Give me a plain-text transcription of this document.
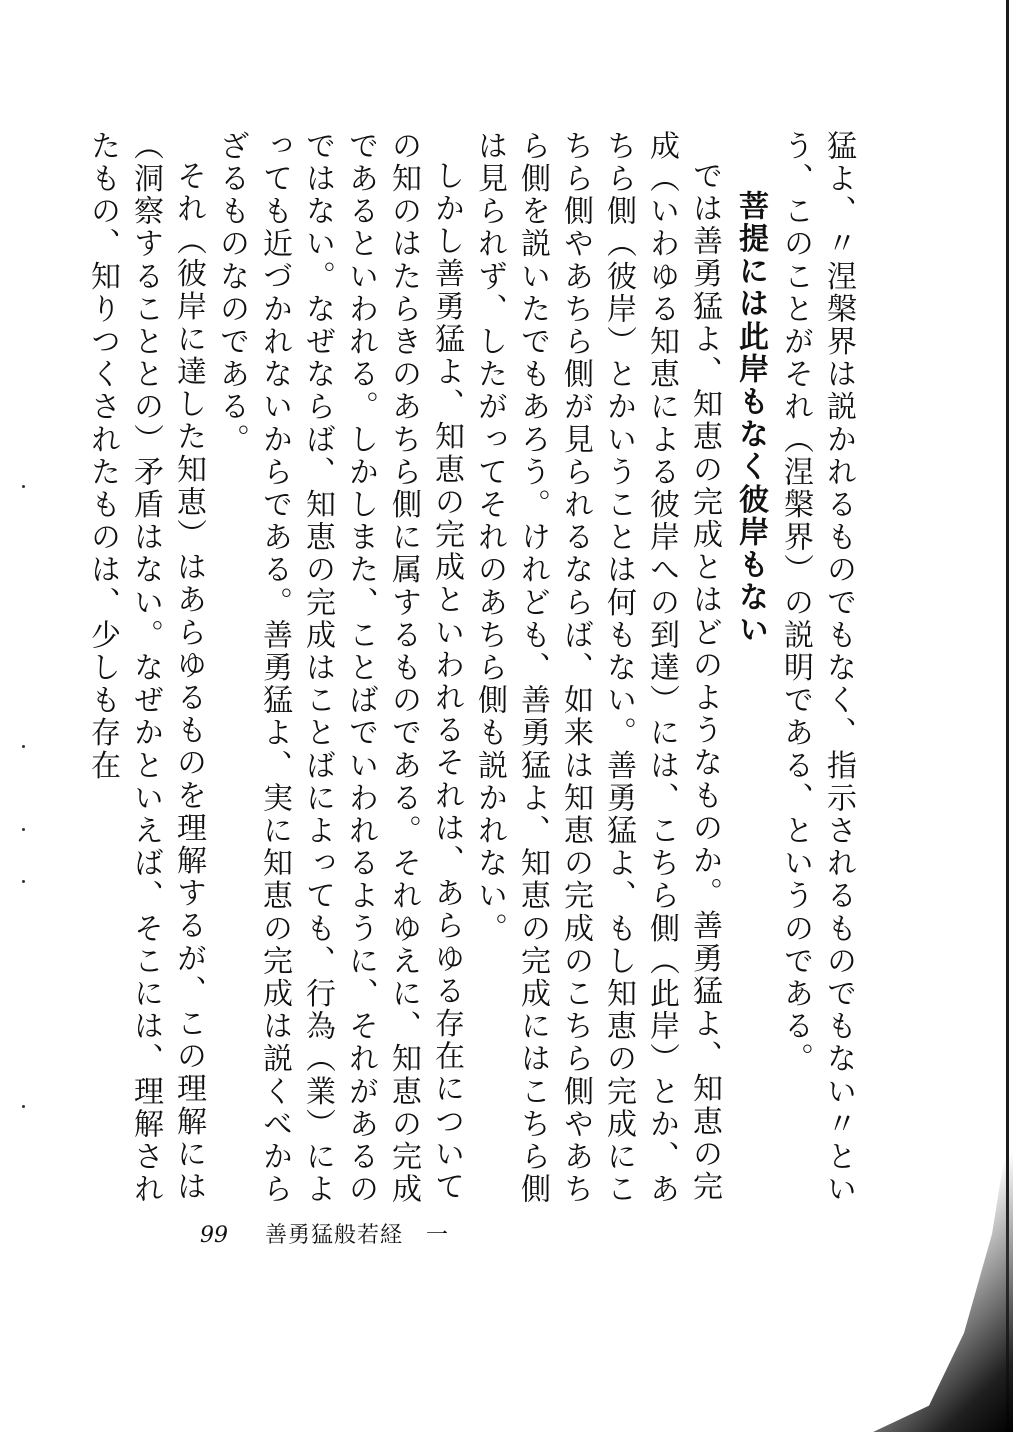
猛よ、〃涅槃界は説かれるものでもなく、指示されるものでもない〃という、このことがそれ（涅槃界）の説明である、というのである。

菩提には此岸もなく彼岸もない

では善勇猛よ、知恵の完成とはどのようなものか。善勇猛よ、知恵の完成（いわゆる知恵による彼岸への到達）には、こちら側（此岸）とか、あちら側（彼岸）とかいうことは何もない。善勇猛よ、もし知恵の完成にこちら側やあちら側が見られるならば、如来は知恵の完成のこちら側やあちら側を説いたでもあろう。けれども、善勇猛よ、知恵の完成にはこちら側は見られず、したがってそれのあちら側も説かれない。

しかし善勇猛よ、知恵の完成といわれるそれは、あらゆる存在についての知のはたらきのあちら側に属するものである。それゆえに、知恵の完成であるといわれる。しかしまた、ことばでいわれるように、それがあるのではない。なぜならば、知恵の完成はことばによっても、行為（業）によっても近づかれないからである。善勇猛よ、実に知恵の完成は説くべからざるものなのである。

それ（彼岸に達した知恵）はあらゆるものを理解するが、この理解には（洞察することとの）矛盾はない。なぜかといえば、そこには、理解されたもの、知りつくされたものは、少しも存在

99 善勇猛般若経　一
